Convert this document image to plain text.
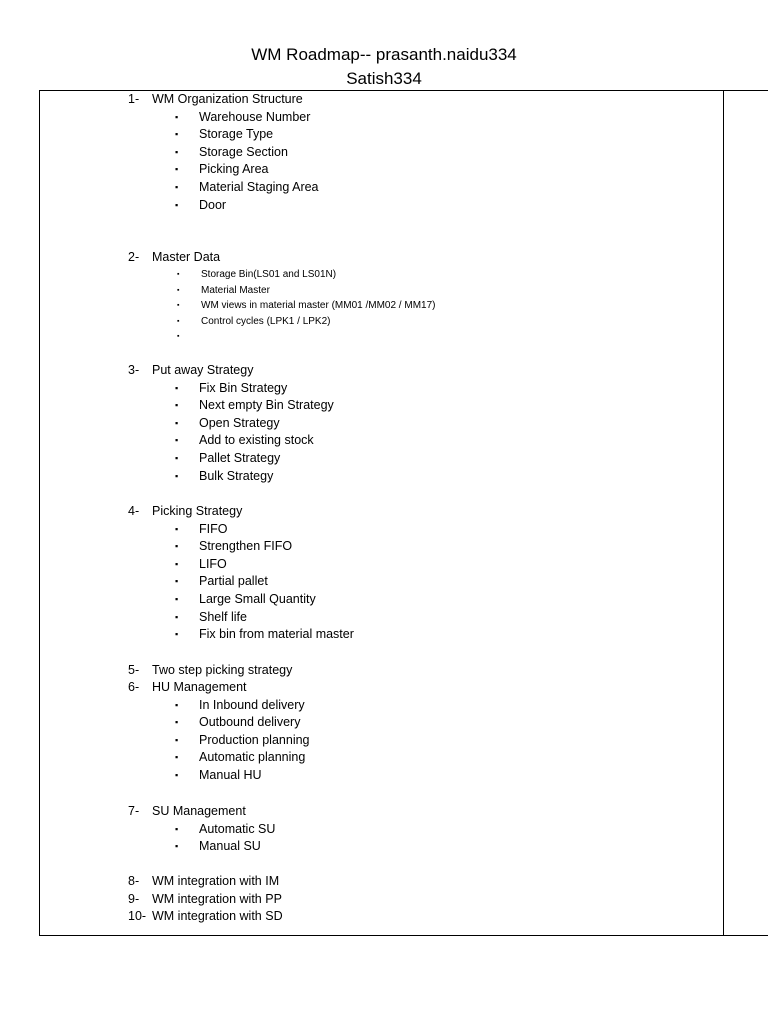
WM Roadmap-- prasanth.naidu334
Satish334
1- WM Organization Structure
▪ Warehouse Number
▪ Storage Type
▪ Storage Section
▪ Picking Area
▪ Material Staging Area
▪ Door
2- Master Data
▪ Storage Bin(LS01 and LS01N)
▪ Material Master
▪ WM views in material master (MM01 /MM02 / MM17)
▪ Control cycles (LPK1 / LPK2)
▪
3- Put away Strategy
▪ Fix Bin Strategy
▪ Next empty Bin Strategy
▪ Open Strategy
▪ Add to existing stock
▪ Pallet Strategy
▪ Bulk Strategy
4- Picking Strategy
▪ FIFO
▪ Strengthen FIFO
▪ LIFO
▪ Partial pallet
▪ Large Small Quantity
▪ Shelf life
▪ Fix bin from material master
5- Two step picking strategy
6- HU Management
▪ In Inbound delivery
▪ Outbound delivery
▪ Production planning
▪ Automatic planning
▪ Manual HU
7- SU Management
▪ Automatic SU
▪ Manual SU
8- WM integration with IM
9- WM integration with PP
10- WM integration with SD
